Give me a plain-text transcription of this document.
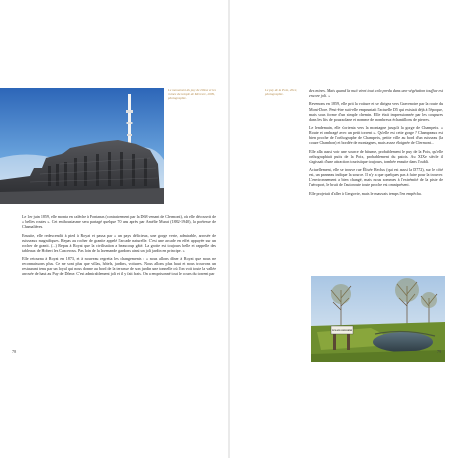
Le monument du puy de Dôme et les ruines du temple de Mercure, 2009, photographie.

Le 1er juin 1859, elle monta en calèche à Fontanas (contrairement par la D68 venant de Clermont), où elle découvrit de « belles routes ». Cet enthousiasme sera partagé quelque 70 ans après par Amélie Murat (1882-1940), la poétesse de Chamalières.

Ensuite, elle redescendit à pied à Royat et passa par « un pays délicieux, une gorge verte, admirable, arrosée de ruisseaux magnifiques. Repas au rocher de granite appelé l'arcade naturelle. C'est une arcade en effet appuyée sur un rocher de granit. (...) Repas à Royat que la civilisation a beaucoup gâté. La grotte est toujours belle et rappelle des tableaux de Hobert les Cascerous. Pas loin de la lavenande gardons ainsi un joli jardin en principe. »

Elle retourna à Royat en 1873, et à nouveau regretta les changements : « nous allons dîner à Royat que nous ne reconnaissons plus. Ce ne sont plus que villas, hôtels, jardins, voitures. Nous allons plus haut et nous trouvons un restaurant tenu par un loyal qui nous donne au bord de la terrasse de son jardin une tonnelle où l'on voit toute la vallée arrosée de haut au Puy de Dôme. C'est admirablement joli et il y fait frais. On a emprisonné tout le cours du torrent par

78
Le puy de la Poix, 2012, photographie.

des mines. Mais quand la nuit vient tout cela perdu dans une végétation touffue est encore joli. »

Revenons en 1859, elle prit la voiture et se dirigea vers Gravenoire par la route du Mont-Dore. Peut-être suit-elle empruntait l'actuelle D5 qui existait déjà à l'époque, mais sous forme d'un simple chemin. Elle était impressionnée par les coupures dans les lits de pouzzolane et nomme de nombreux échantillons de pierres.

Le lendemain, elle s'orienta vers la montagne jusqu'à la gorge de Champeix. « Route et ombragé avec un petit torrent ». Qu'elle est cette gorge ? Champeaux est bien proche de l'orthographe de Champeix, petite ville au bord d'un ruisseau (la couze Chambon) et bordée de montagnes, mais assez éloignée de Clermont...

Elle alla aussi voir une source de bitume, probablement le puy de la Poix, qu'elle orthographiait puits de la Poix, probablement du patois. Au XIXe siècle il s'agissait d'une attraction touristique toujours, tombée ensuite dans l'oubli.

Actuellement, elle se trouve rue Élisée Reclus (qui est aussi la D772), sur le côté est, un panneau indique la source. Il n'y a que quelques pas à faire pour la trouver. L'environnement a bien changé, mais nous sommes à l'extrémité de la piste de l'aéroport, le bruit de l'autoroute toute proche est omniprésent.

Elle projetait d'aller à Gergovie, mais le mauvais temps l'en empêcha.

PUY DE LA POIX · SOURCE DE BITUME
79
